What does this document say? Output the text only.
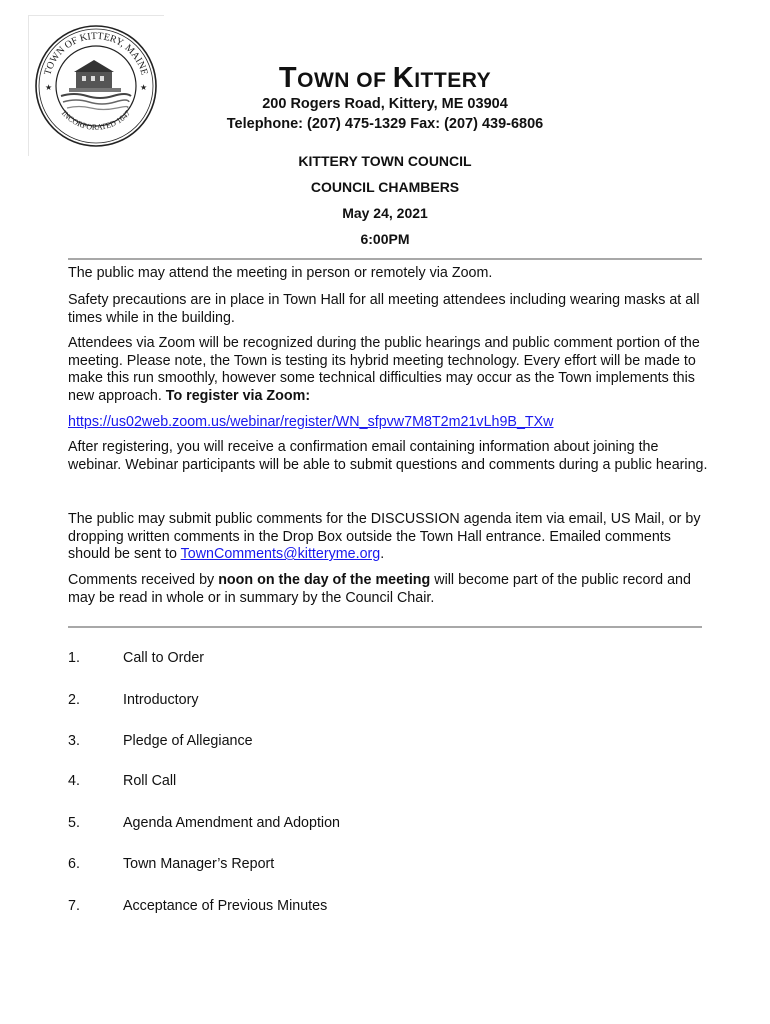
TOWN OF KITTERY, MAINE
INCORPORATED 1647
★	★	TOWN OF KITTERY
200 Rogers Road, Kittery, ME 03904
Telephone: (207) 475-1329 Fax: (207) 439-6806
KITTERY TOWN COUNCIL
COUNCIL CHAMBERS
May 24, 2021
6:00PM
The public may attend the meeting in person or remotely via Zoom.
Safety precautions are in place in Town Hall for all meeting attendees including wearing masks at all times while in the building.
Attendees via Zoom will be recognized during the public hearings and public comment portion of the meeting. Please note, the Town is testing its hybrid meeting technology. Every effort will be made to make this run smoothly, however some technical difficulties may occur as the Town implements this new approach. To register via Zoom:
https://us02web.zoom.us/webinar/register/WN_sfpvw7M8T2m21vLh9B_TXw
After registering, you will receive a confirmation email containing information about joining the webinar. Webinar participants will be able to submit questions and comments during a public hearing.
The public may submit public comments for the DISCUSSION agenda item via email, US Mail, or by dropping written comments in the Drop Box outside the Town Hall entrance. Emailed comments should be sent to TownComments@kitteryme.org.
Comments received by noon on the day of the meeting will become part of the public record and may be read in whole or in summary by the Council Chair.
1.	Call to Order
2.	Introductory
3.	Pledge of Allegiance
4.	Roll Call
5.	Agenda Amendment and Adoption
6.	Town Manager’s Report
7.	Acceptance of Previous Minutes
